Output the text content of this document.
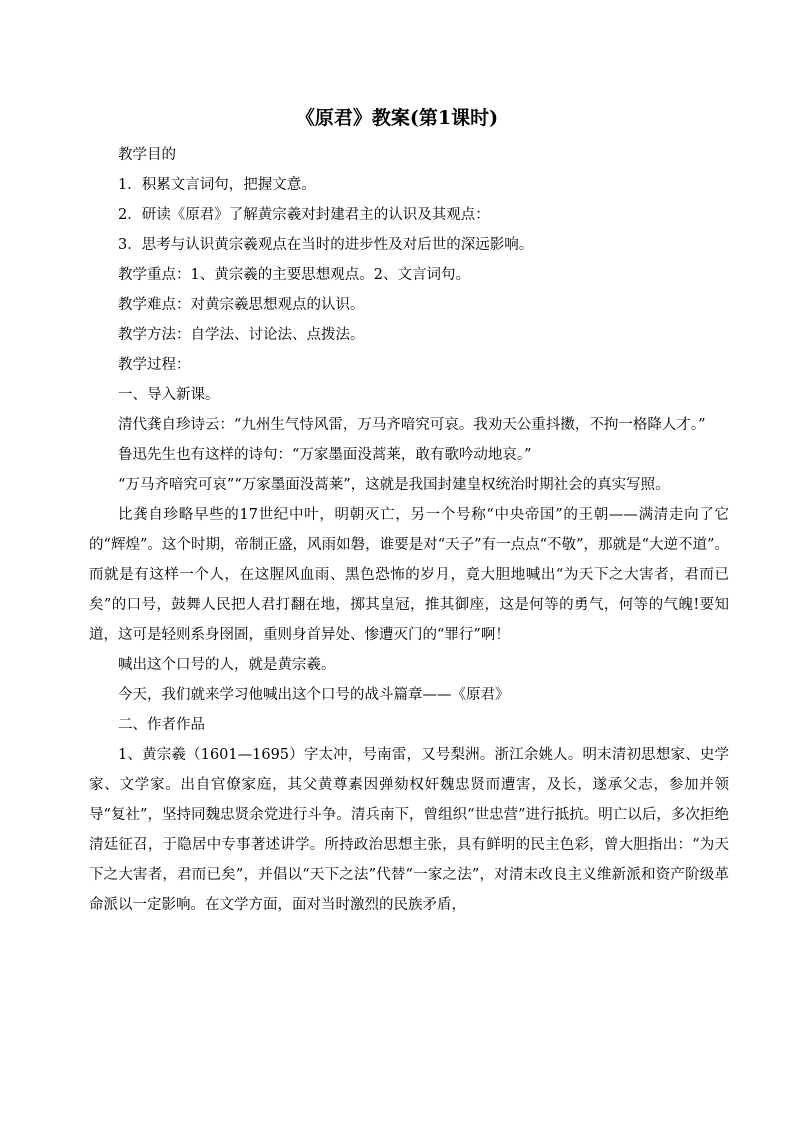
《原君》教案(第1课时)

教学目的

1．积累文言词句，把握文意。

2．研读《原君》了解黄宗羲对封建君主的认识及其观点：

3．思考与认识黄宗羲观点在当时的进步性及对后世的深远影响。

教学重点：1、黄宗羲的主要思想观点。2、文言词句。

教学难点：对黄宗羲思想观点的认识。

教学方法：自学法、讨论法、点拨法。

教学过程：

一、导入新课。

清代龚自珍诗云：“九州生气恃风雷，万马齐喑究可哀。我劝天公重抖擞，不拘一格降人才。”

鲁迅先生也有这样的诗句：“万家墨面没蒿莱，敢有歌吟动地哀。”

“万马齐喑究可哀”“万家墨面没蒿莱”，这就是我国封建皇权统治时期社会的真实写照。

比龚自珍略早些的17世纪中叶，明朝灭亡，另一个号称“中央帝国”的王朝——满清走向了它的“辉煌”。这个时期，帝制正盛，风雨如磐，谁要是对“天子”有一点点“不敬”，那就是“大逆不道”。而就是有这样一个人，在这腥风血雨、黑色恐怖的岁月，竟大胆地喊出“为天下之大害者，君而已矣”的口号，鼓舞人民把人君打翻在地，掷其皇冠，推其御座，这是何等的勇气，何等的气魄!要知道，这可是轻则系身囹圄，重则身首异处、惨遭灭门的“罪行”啊！

喊出这个口号的人，就是黄宗羲。

今天，我们就来学习他喊出这个口号的战斗篇章——《原君》

二、作者作品

1、黄宗羲（1601—1695）字太冲，号南雷，又号梨洲。浙江余姚人。明末清初思想家、史学家、文学家。出自官僚家庭，其父黄尊素因弹劾权奸魏忠贤而遭害，及长，遂承父志，参加并领导“复社”，坚持同魏忠贤余党进行斗争。清兵南下，曾组织“世忠营”进行抵抗。明亡以后，多次拒绝清廷征召，于隐居中专事著述讲学。所持政治思想主张，具有鲜明的民主色彩，曾大胆指出：“为天下之大害者，君而已矣”，并倡以“天下之法”代替“一家之法”，对清末改良主义维新派和资产阶级革命派以一定影响。在文学方面，面对当时激烈的民族矛盾，
